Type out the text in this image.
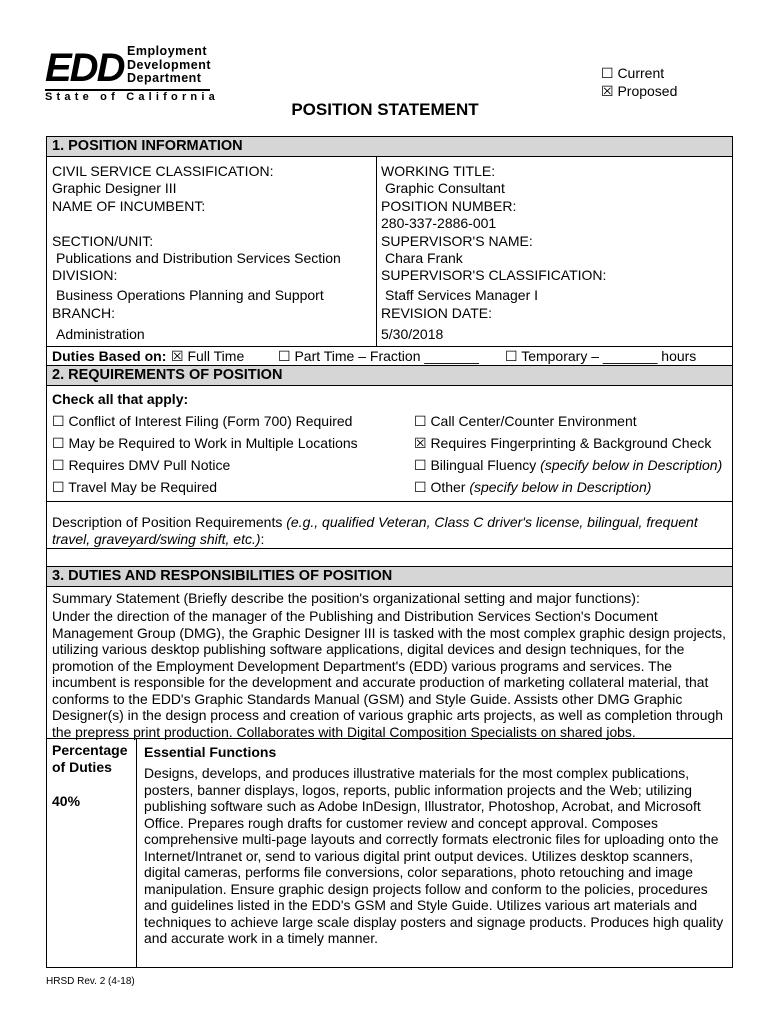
EDD Employment
Development
Department
State of California
☐ Current
☒ Proposed
POSITION STATEMENT
1. POSITION INFORMATION
CIVIL SERVICE CLASSIFICATION:
Graphic Designer III
NAME OF INCUMBENT:
SECTION/UNIT:
Publications and Distribution Services Section
DIVISION:
Business Operations Planning and Support
BRANCH:
Administration
WORKING TITLE:
Graphic Consultant
POSITION NUMBER:
280-337-2886-001
SUPERVISOR'S NAME:
Chara Frank
SUPERVISOR'S CLASSIFICATION:
Staff Services Manager I
REVISION DATE:
5/30/2018
Duties Based on: ☒ Full Time ☐ Part Time – Fraction _______ ☐ Temporary – _______ hours
2. REQUIREMENTS OF POSITION
Check all that apply:
☐ Conflict of Interest Filing (Form 700) Required
☐ May be Required to Work in Multiple Locations
☐ Requires DMV Pull Notice
☐ Travel May be Required
☐ Call Center/Counter Environment
☒ Requires Fingerprinting & Background Check
☐ Bilingual Fluency (specify below in Description)
☐ Other (specify below in Description)
Description of Position Requirements (e.g., qualified Veteran, Class C driver's license, bilingual, frequent travel, graveyard/swing shift, etc.):
3. DUTIES AND RESPONSIBILITIES OF POSITION
Summary Statement (Briefly describe the position's organizational setting and major functions):
Under the direction of the manager of the Publishing and Distribution Services Section's Document Management Group (DMG), the Graphic Designer III is tasked with the most complex graphic design projects, utilizing various desktop publishing software applications, digital devices and design techniques, for the promotion of the Employment Development Department's (EDD) various programs and services. The incumbent is responsible for the development and accurate production of marketing collateral material, that conforms to the EDD's Graphic Standards Manual (GSM) and Style Guide. Assists other DMG Graphic Designer(s) in the design process and creation of various graphic arts projects, as well as completion through the prepress print production. Collaborates with Digital Composition Specialists on shared jobs.
Percentage
of Duties
40%
Essential Functions
Designs, develops, and produces illustrative materials for the most complex publications, posters, banner displays, logos, reports, public information projects and the Web; utilizing publishing software such as Adobe InDesign, Illustrator, Photoshop, Acrobat, and Microsoft Office. Prepares rough drafts for customer review and concept approval. Composes comprehensive multi-page layouts and correctly formats electronic files for uploading onto the Internet/Intranet or, send to various digital print output devices. Utilizes desktop scanners, digital cameras, performs file conversions, color separations, photo retouching and image manipulation. Ensure graphic design projects follow and conform to the policies, procedures and guidelines listed in the EDD's GSM and Style Guide. Utilizes various art materials and techniques to achieve large scale display posters and signage products. Produces high quality and accurate work in a timely manner.
HRSD Rev. 2 (4-18)
